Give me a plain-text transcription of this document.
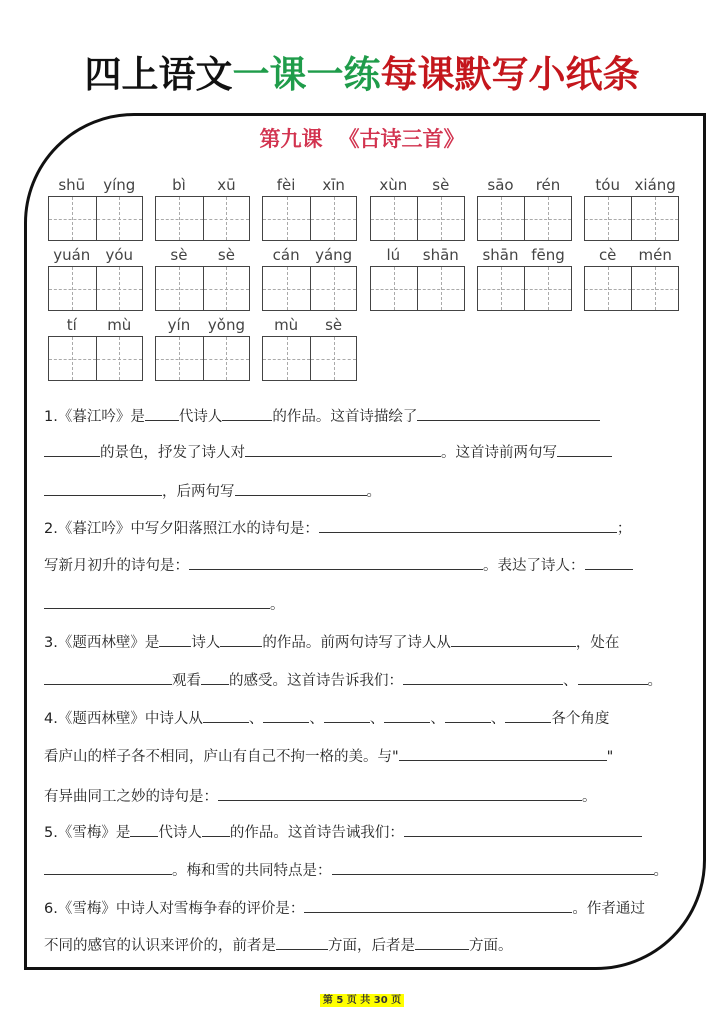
四上语文一课一练每课默写小纸条
第九课 《古诗三首》
shū	yíng	bì	xū	fèi	xīn	xùn	sè	sāo	rén	tóu xiáng
yuán	yóu	sè	sè	cán	yáng	lú	shān	shān fēng	cè	mén
tí	mù	yín	yǒng	mù	sè
1.《暮江吟》是 代诗人	的作品。这首诗描绘了
的景色，抒发了诗人对	。这首诗前两句写
，后两句写	。
2.《暮江吟》中写夕阳落照江水的诗句是：	；
写新月初升的诗句是：	。表达了诗人：
。
3.《题西林壁》是 诗人	的作品。前两句诗写了诗人从	，处在
观看 的感受。这首诗告诉我们：	、	。
4.《题西林壁》中诗人从	、	、	、	、	、	各个角度
看庐山的样子各不相同，庐山有自己不拘一格的美。与"	"
有异曲同工之妙的诗句是：	。
5.《雪梅》是 代诗人 的作品。这首诗告诫我们：
。梅和雪的共同特点是：	。
6.《雪梅》中诗人对雪梅争春的评价是：	。作者通过
不同的感官的认识来评价的，前者是	方面，后者是	方面。
第 5 页 共 30 页
